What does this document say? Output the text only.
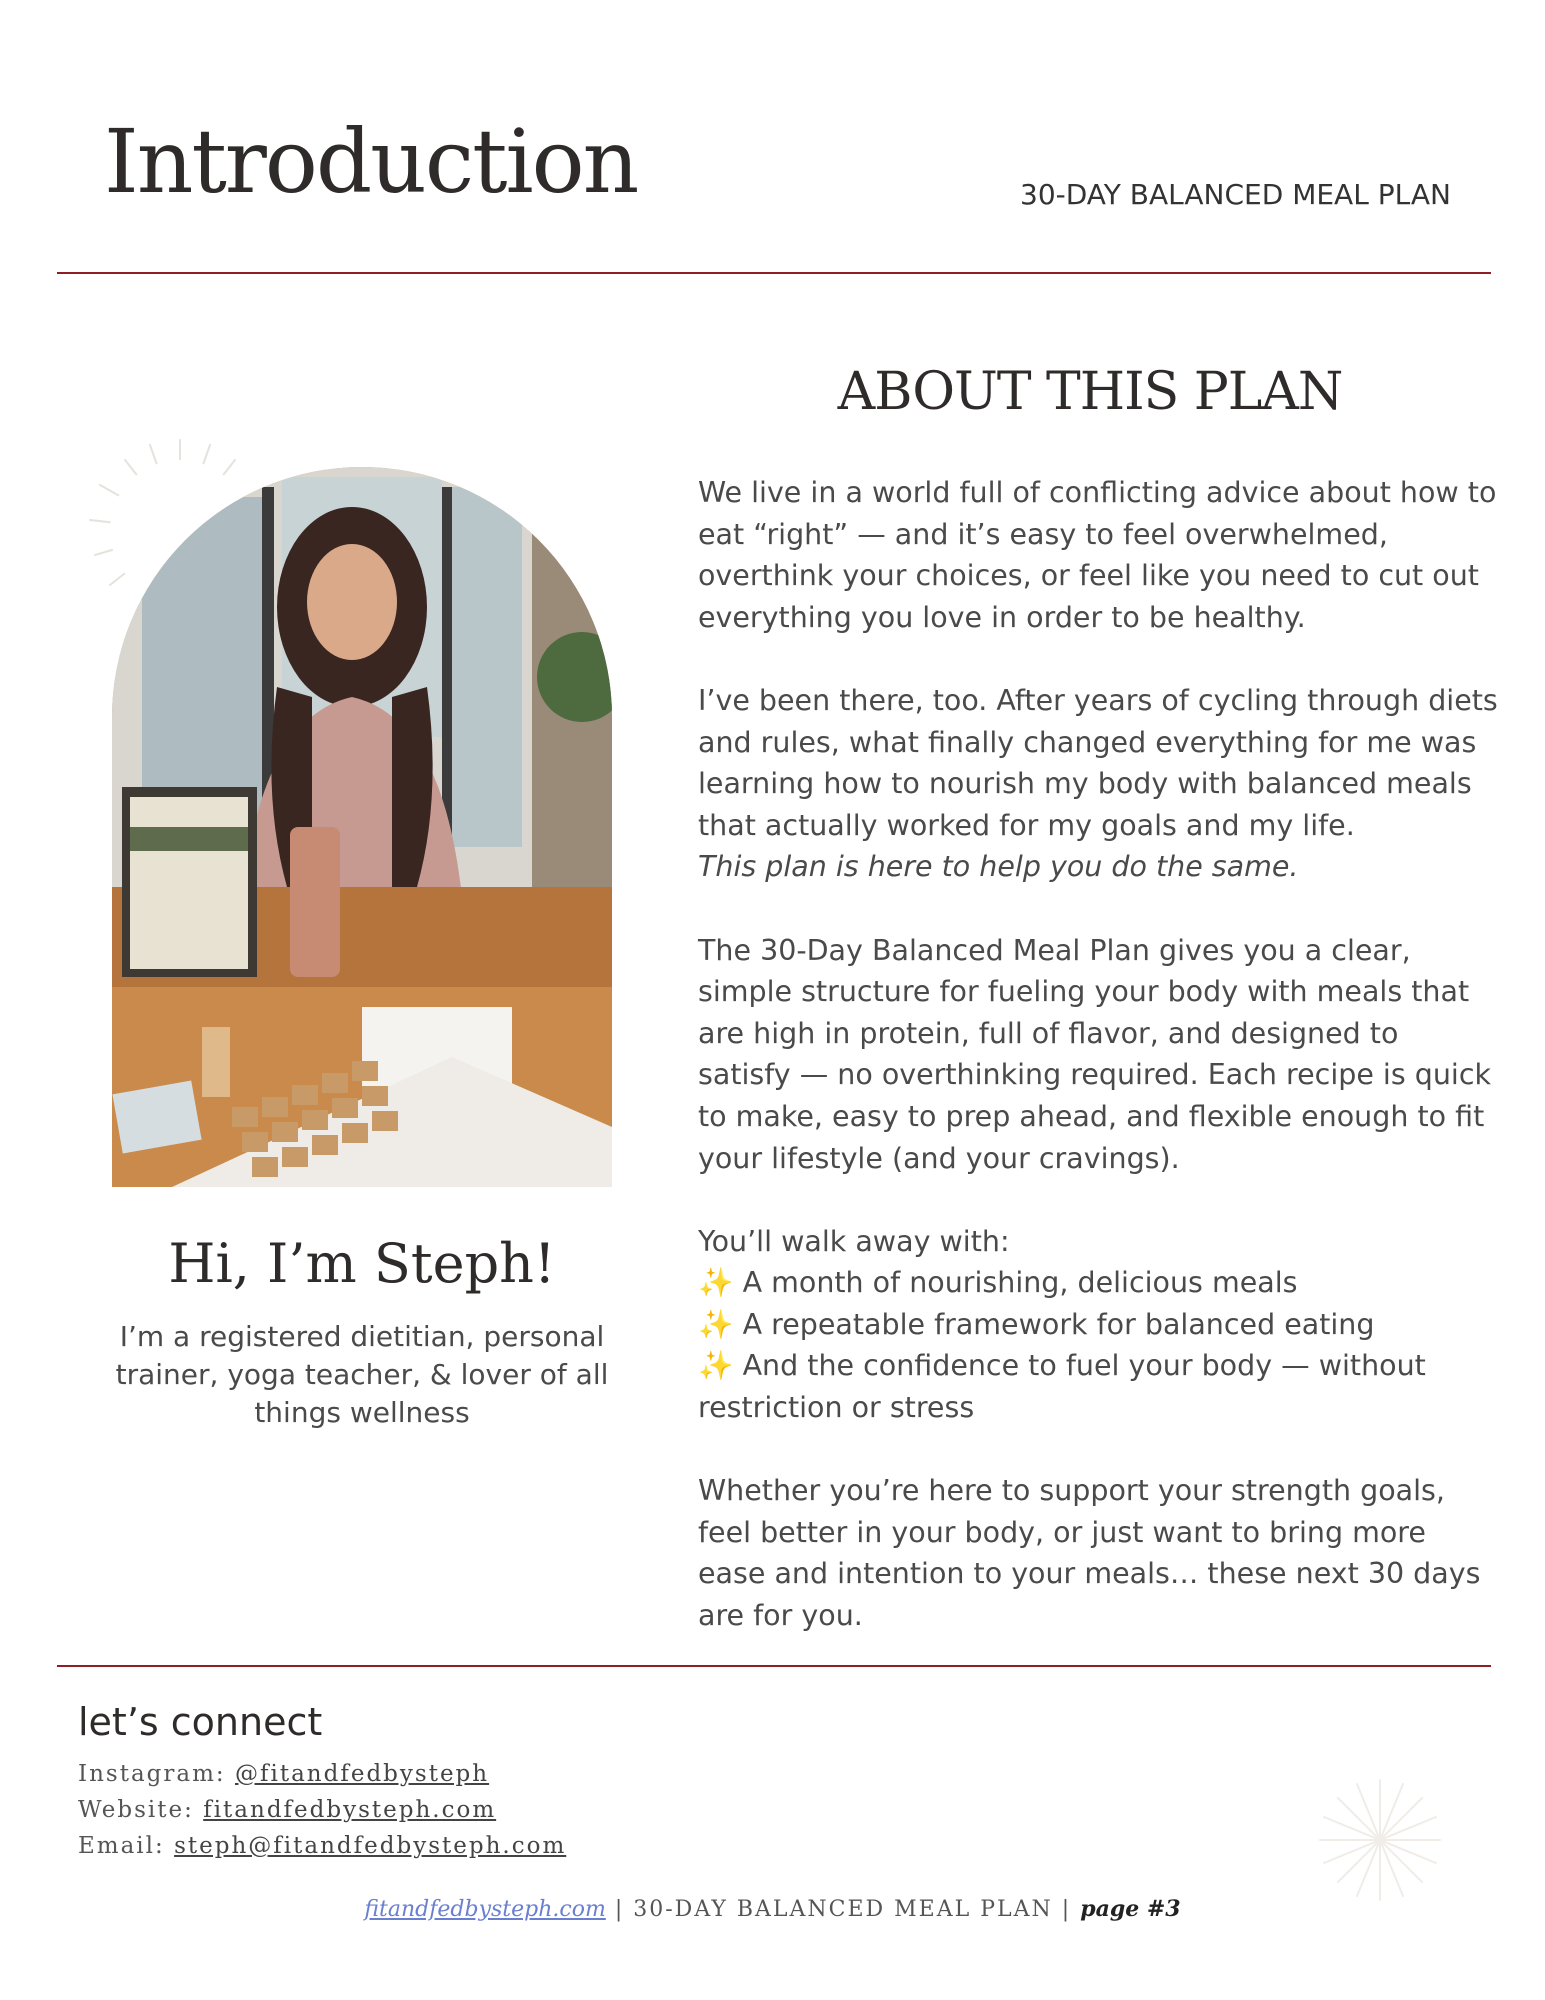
Introduction	30-DAY BALANCED MEAL PLAN
Hi, I’m Steph!
I’m a registered dietitian, personal trainer, yoga teacher, & lover of all things wellness
ABOUT THIS PLAN

We live in a world full of conflicting advice about how to eat “right” — and it’s easy to feel overwhelmed, overthink your choices, or feel like you need to cut out everything you love in order to be healthy.

I’ve been there, too. After years of cycling through diets and rules, what finally changed everything for me was learning how to nourish my body with balanced meals that actually worked for my goals and my life.
This plan is here to help you do the same.

The 30-Day Balanced Meal Plan gives you a clear, simple structure for fueling your body with meals that are high in protein, full of flavor, and designed to satisfy — no overthinking required. Each recipe is quick to make, easy to prep ahead, and flexible enough to fit your lifestyle (and your cravings).

You’ll walk away with:
✨ A month of nourishing, delicious meals
✨ A repeatable framework for balanced eating
✨ And the confidence to fuel your body — without restriction or stress

Whether you’re here to support your strength goals, feel better in your body, or just want to bring more ease and intention to your meals… these next 30 days are for you.

let’s connect
Instagram: @fitandfedbysteph
Website: fitandfedbysteph.com
Email: steph@fitandfedbysteph.com
fitandfedbysteph.com | 30-DAY BALANCED MEAL PLAN | page #3
